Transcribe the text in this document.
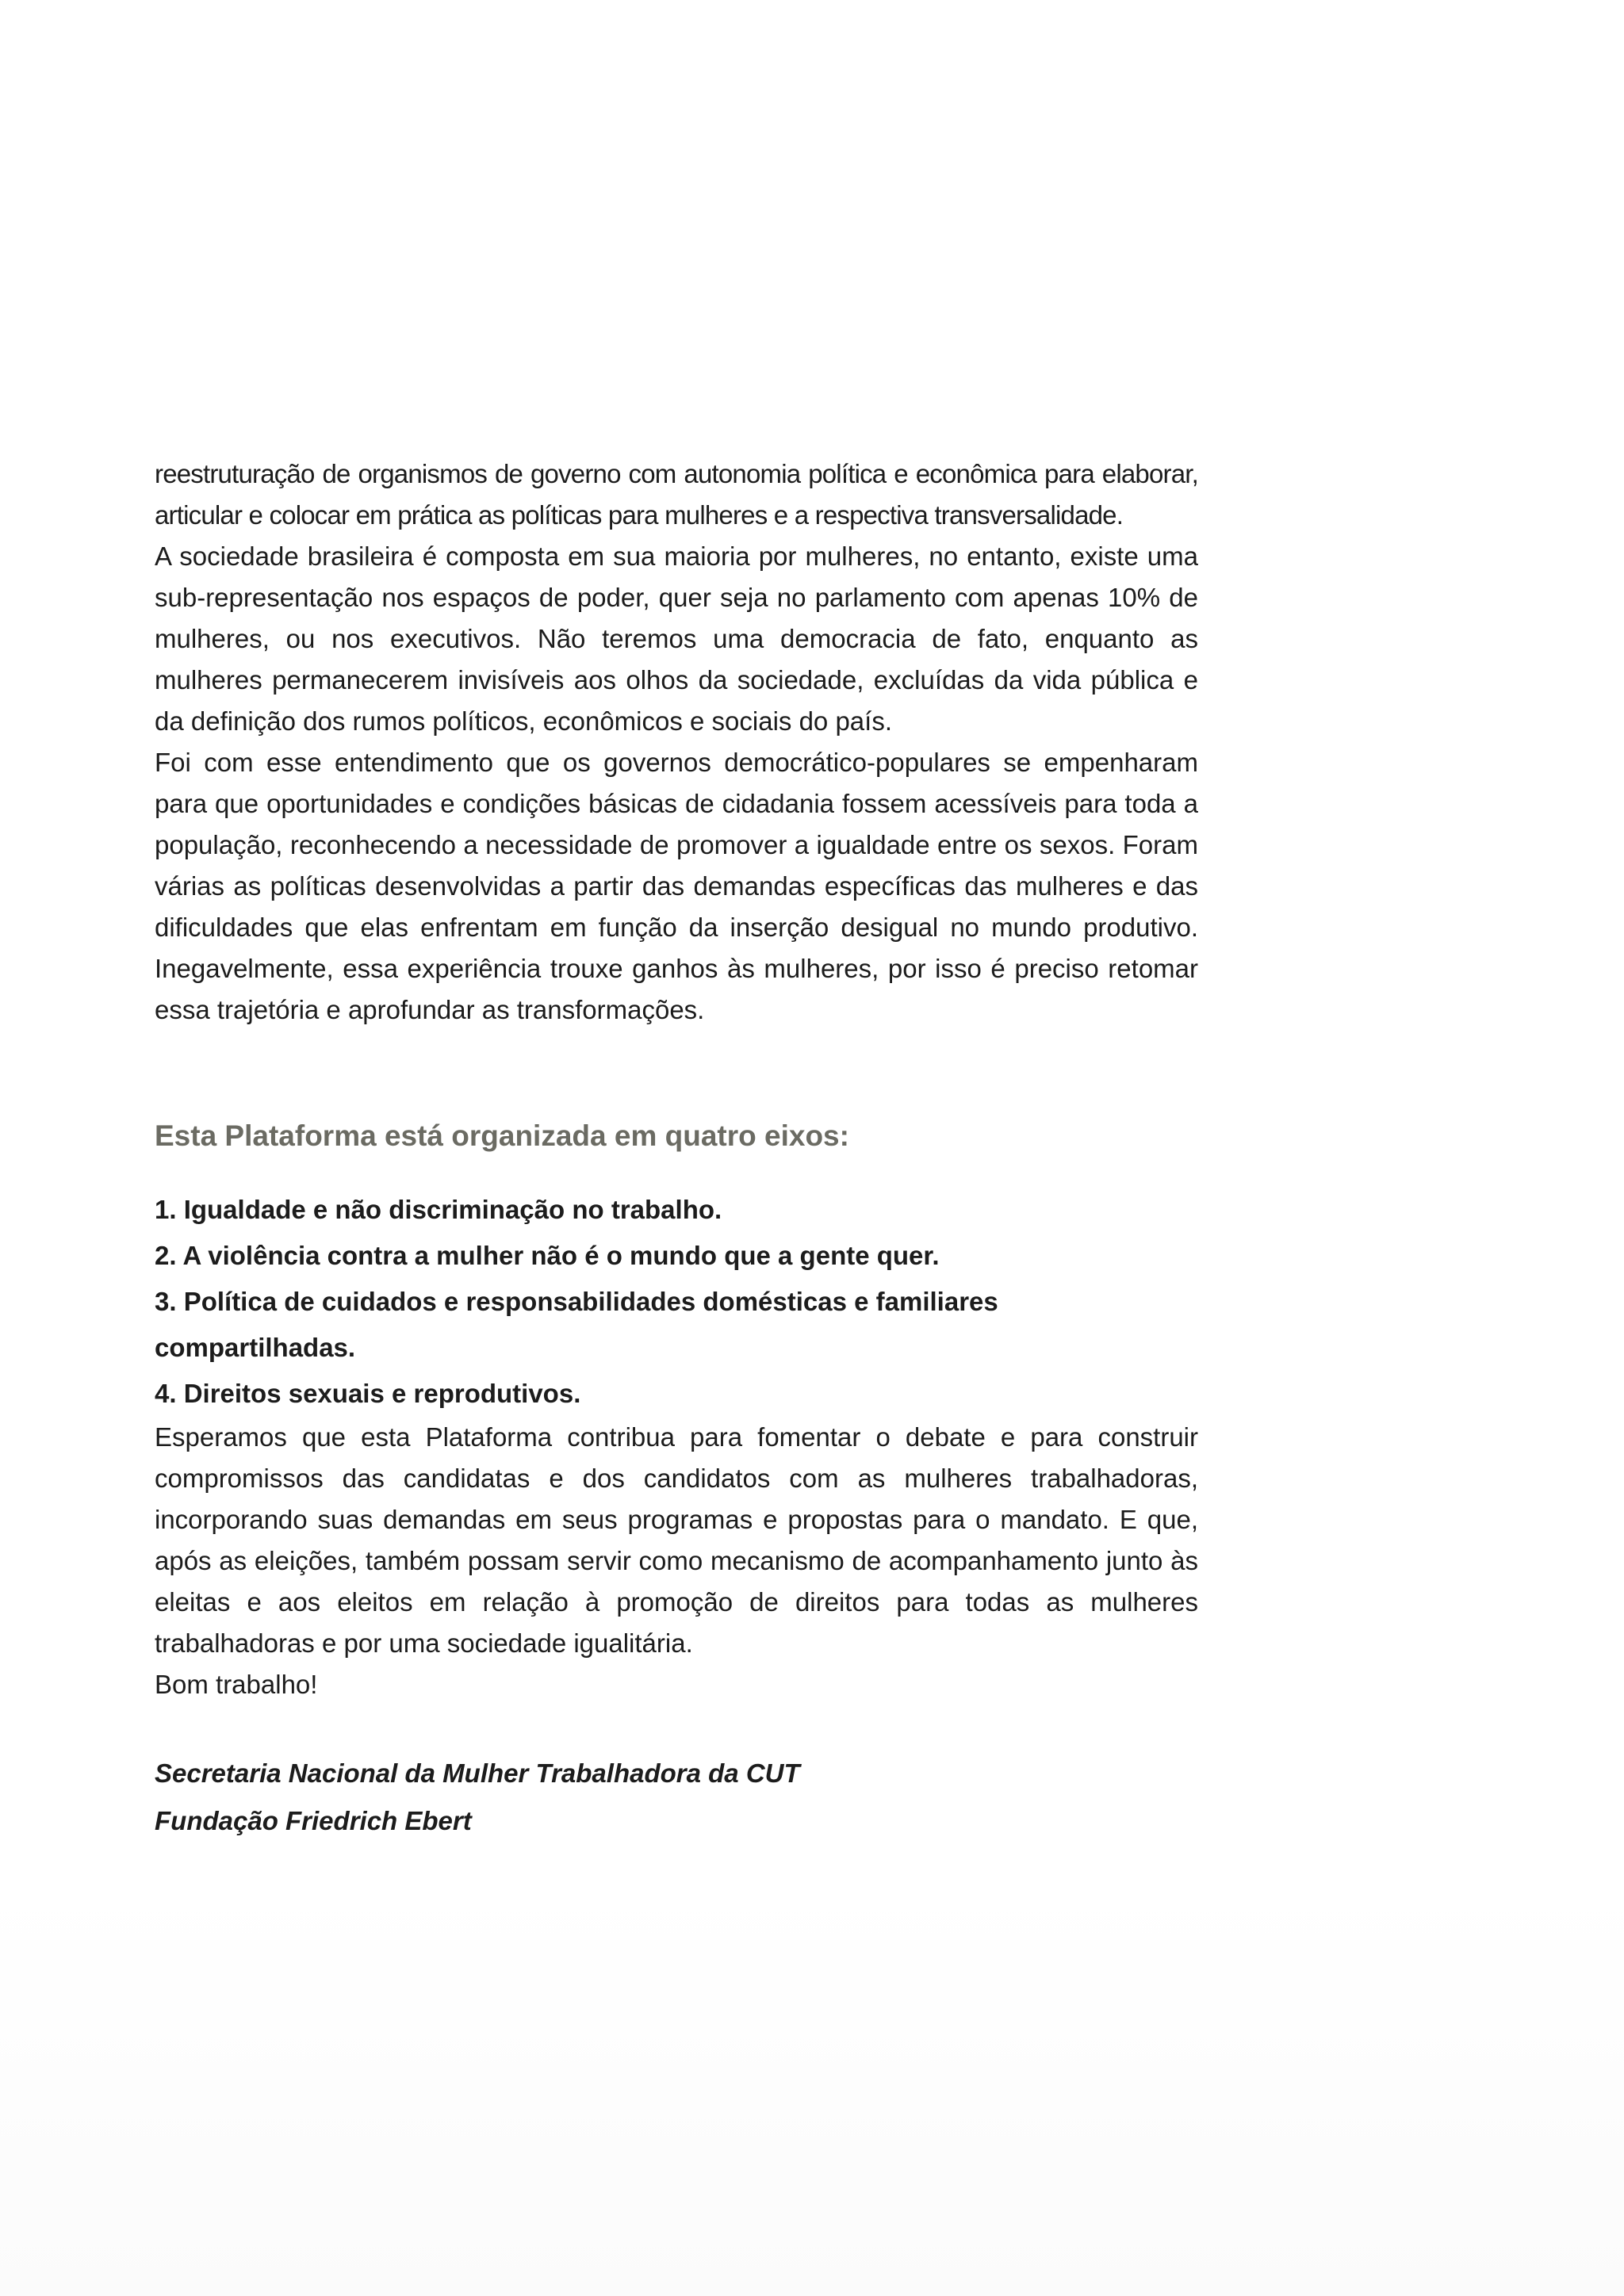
reestruturação de organismos de governo com autonomia política e econômica para elaborar, articular e colocar em prática as políticas para mulheres e a respectiva transversalidade.

A sociedade brasileira é composta em sua maioria por mulheres, no entanto, existe uma sub-representação nos espaços de poder, quer seja no parlamento com apenas 10% de mulheres, ou nos executivos. Não teremos uma democracia de fato, enquanto as mulheres permanecerem invisíveis aos olhos da sociedade, excluídas da vida pública e da definição dos rumos políticos, econômicos e sociais do país.

Foi com esse entendimento que os governos democrático-populares se empenharam para que oportunidades e condições básicas de cidadania fossem acessíveis para toda a população, reconhecendo a necessidade de promover a igualdade entre os sexos. Foram várias as políticas desenvolvidas a partir das demandas específicas das mulheres e das dificuldades que elas enfrentam em função da inserção desigual no mundo produtivo. Inegavelmente, essa experiência trouxe ganhos às mulheres, por isso é preciso retomar essa trajetória e aprofundar as transformações.

Esta Plataforma está organizada em quatro eixos:
1. Igualdade e não discriminação no trabalho.
2. A violência contra a mulher não é o mundo que a gente quer.
3. Política de cuidados e responsabilidades domésticas e familiares compartilhadas.
4. Direitos sexuais e reprodutivos.

Esperamos que esta Plataforma contribua para fomentar o debate e para construir compromissos das candidatas e dos candidatos com as mulheres trabalhadoras, incorporando suas demandas em seus programas e propostas para o mandato. E que, após as eleições, também possam servir como mecanismo de acompanhamento junto às eleitas e aos eleitos em relação à promoção de direitos para todas as mulheres trabalhadoras e por uma sociedade igualitária.

Bom trabalho!

Secretaria Nacional da Mulher Trabalhadora da CUT
Fundação Friedrich Ebert
